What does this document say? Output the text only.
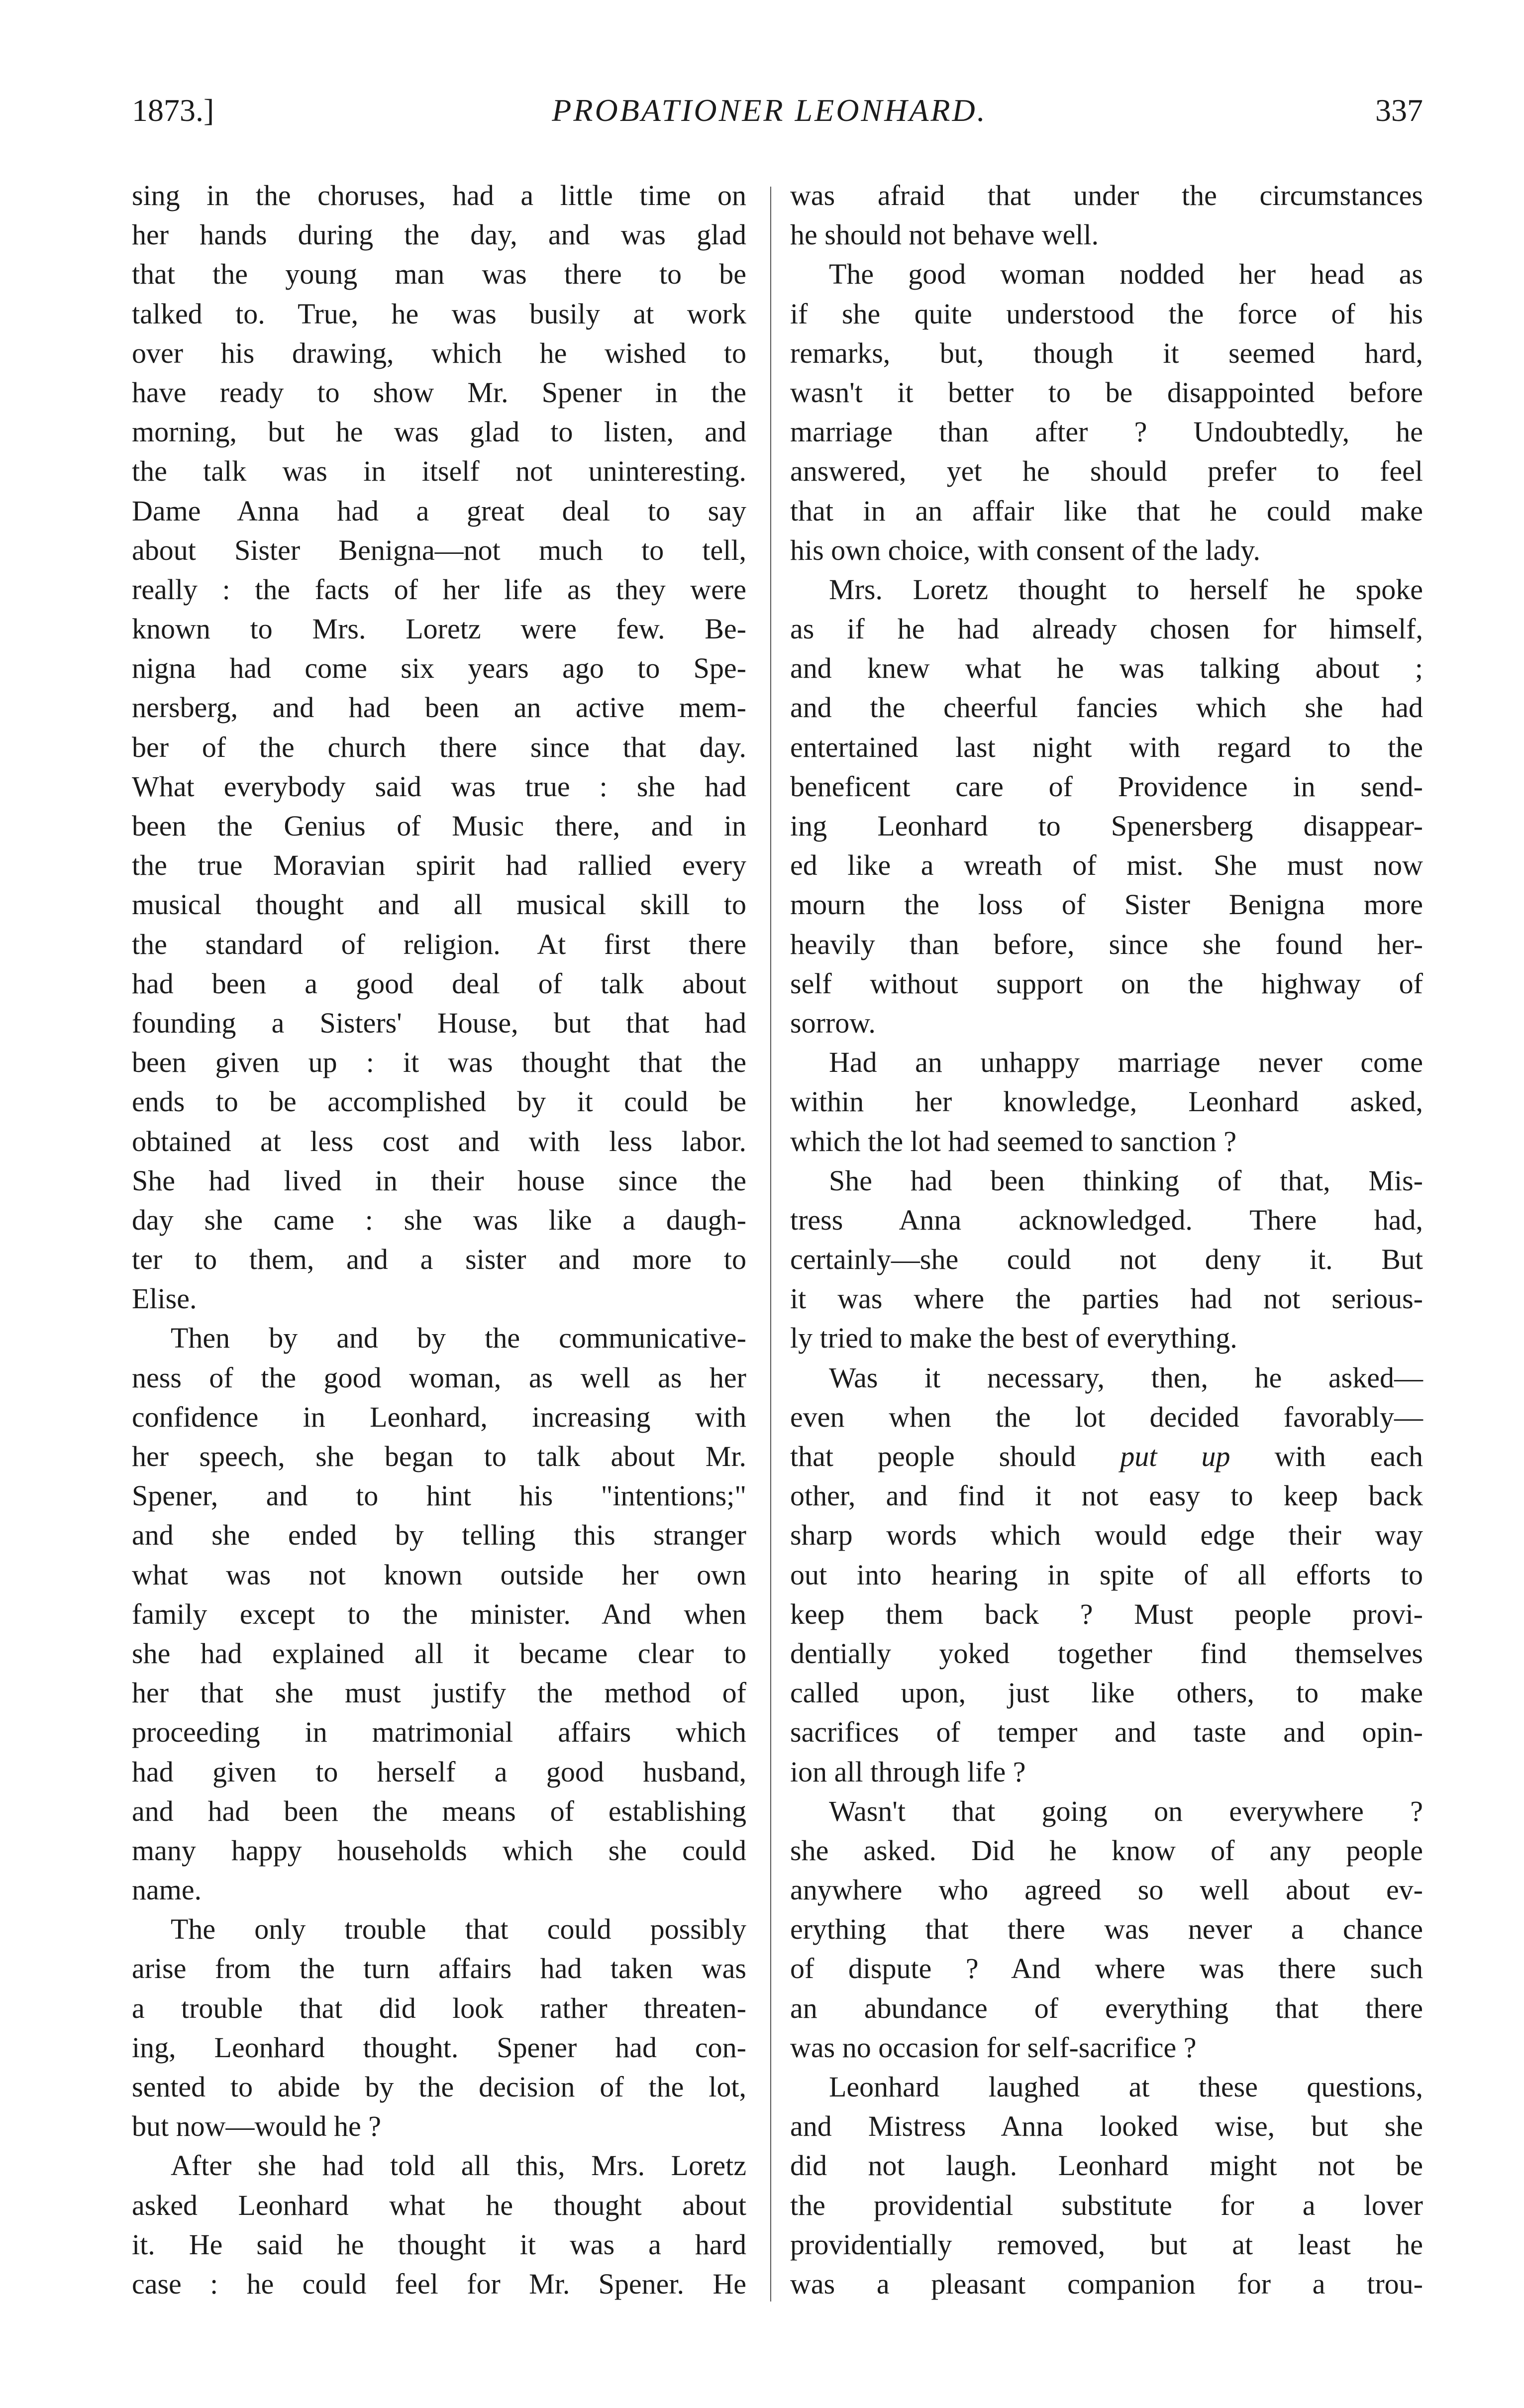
1873.]	PROBATIONER LEONHARD.	337
sing in the choruses, had a little time on
her hands during the day, and was glad
that the young man was there to be
talked to. True, he was busily at work
over his drawing, which he wished to
have ready to show Mr. Spener in the
morning, but he was glad to listen, and
the talk was in itself not uninteresting.
Dame Anna had a great deal to say
about Sister Benigna—not much to tell,
really : the facts of her life as they were
known to Mrs. Loretz were few. Be-
nigna had come six years ago to Spe-
nersberg, and had been an active mem-
ber of the church there since that day.
What everybody said was true : she had
been the Genius of Music there, and in
the true Moravian spirit had rallied every
musical thought and all musical skill to
the standard of religion. At first there
had been a good deal of talk about
founding a Sisters' House, but that had
been given up : it was thought that the
ends to be accomplished by it could be
obtained at less cost and with less labor.
She had lived in their house since the
day she came : she was like a daugh-
ter to them, and a sister and more to
Elise.
Then by and by the communicative-
ness of the good woman, as well as her
confidence in Leonhard, increasing with
her speech, she began to talk about Mr.
Spener, and to hint his "intentions;"
and she ended by telling this stranger
what was not known outside her own
family except to the minister. And when
she had explained all it became clear to
her that she must justify the method of
proceeding in matrimonial affairs which
had given to herself a good husband,
and had been the means of establishing
many happy households which she could
name.
The only trouble that could possibly
arise from the turn affairs had taken was
a trouble that did look rather threaten-
ing, Leonhard thought. Spener had con-
sented to abide by the decision of the lot,
but now—would he ?
After she had told all this, Mrs. Loretz
asked Leonhard what he thought about
it. He said he thought it was a hard
case : he could feel for Mr. Spener. He
was afraid that under the circumstances
he should not behave well.
The good woman nodded her head as
if she quite understood the force of his
remarks, but, though it seemed hard,
wasn't it better to be disappointed before
marriage than after ? Undoubtedly, he
answered, yet he should prefer to feel
that in an affair like that he could make
his own choice, with consent of the lady.
Mrs. Loretz thought to herself he spoke
as if he had already chosen for himself,
and knew what he was talking about ;
and the cheerful fancies which she had
entertained last night with regard to the
beneficent care of Providence in send-
ing Leonhard to Spenersberg disappear-
ed like a wreath of mist. She must now
mourn the loss of Sister Benigna more
heavily than before, since she found her-
self without support on the highway of
sorrow.
Had an unhappy marriage never come
within her knowledge, Leonhard asked,
which the lot had seemed to sanction ?
She had been thinking of that, Mis-
tress Anna acknowledged. There had,
certainly—she could not deny it. But
it was where the parties had not serious-
ly tried to make the best of everything.
Was it necessary, then, he asked—
even when the lot decided favorably—
that people should put up with each
other, and find it not easy to keep back
sharp words which would edge their way
out into hearing in spite of all efforts to
keep them back ? Must people provi-
dentially yoked together find themselves
called upon, just like others, to make
sacrifices of temper and taste and opin-
ion all through life ?
Wasn't that going on everywhere ?
she asked. Did he know of any people
anywhere who agreed so well about ev-
erything that there was never a chance
of dispute ? And where was there such
an abundance of everything that there
was no occasion for self-sacrifice ?
Leonhard laughed at these questions,
and Mistress Anna looked wise, but she
did not laugh. Leonhard might not be
the providential substitute for a lover
providentially removed, but at least he
was a pleasant companion for a trou-
